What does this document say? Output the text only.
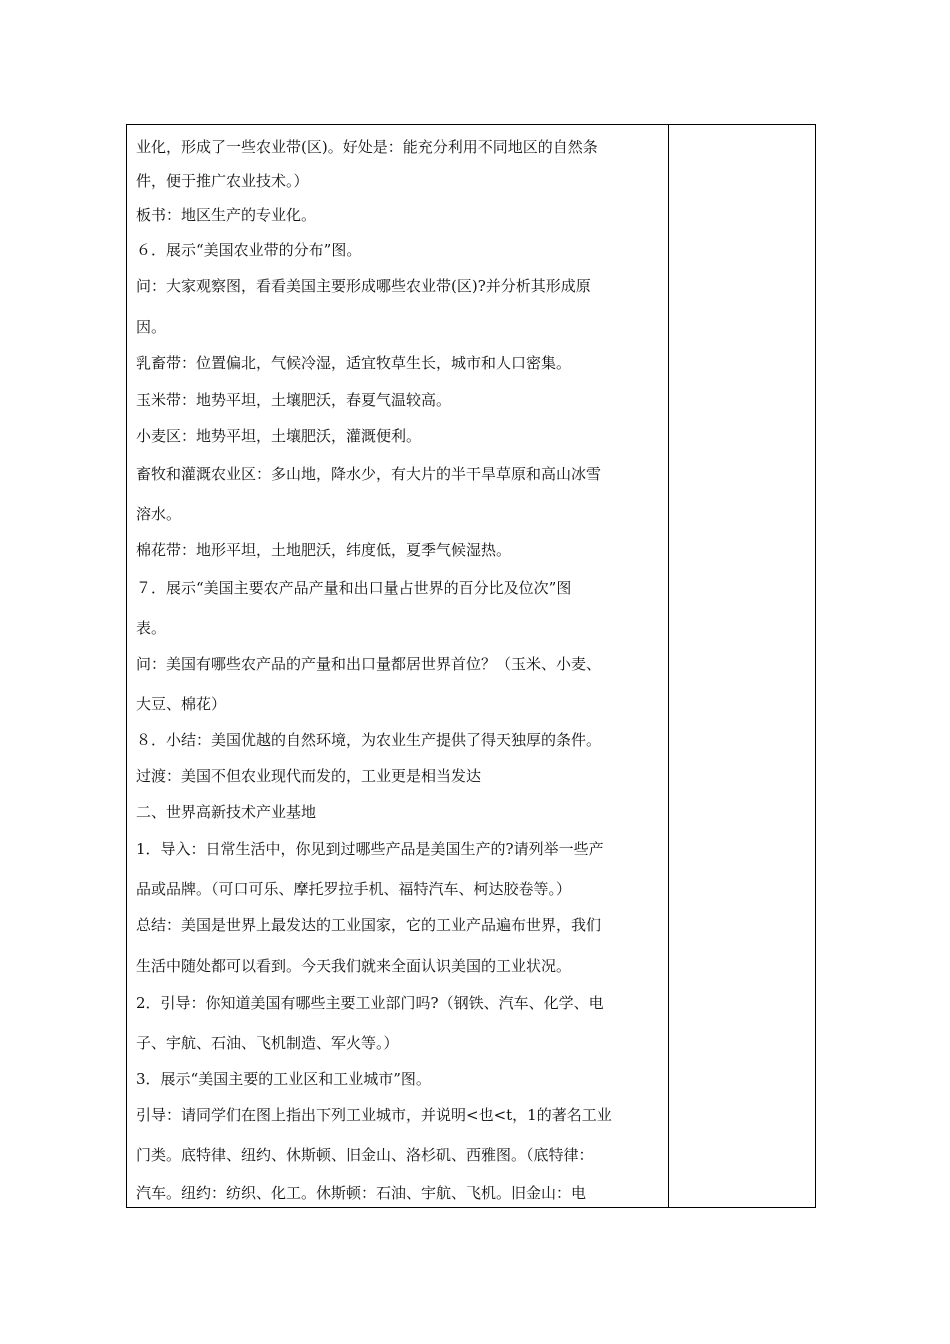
业化，形成了一些农业带(区)。好处是：能充分利用不同地区的自然条
件，便于推广农业技术。）
板书：地区生产的专业化。
６．展示“美国农业带的分布”图。
问：大家观察图，看看美国主要形成哪些农业带(区)?并分析其形成原
因。
乳畜带：位置偏北，气候冷湿，适宜牧草生长，城市和人口密集。
玉米带：地势平坦，土壤肥沃，春夏气温较高。
小麦区：地势平坦，土壤肥沃，灌溉便利。
畜牧和灌溉农业区：多山地，降水少，有大片的半干旱草原和高山冰雪
溶水。
棉花带：地形平坦，土地肥沃，纬度低，夏季气候湿热。
７．展示“美国主要农产品产量和出口量占世界的百分比及位次”图
表。
问：美国有哪些农产品的产量和出口量都居世界首位？（玉米、小麦、
大豆、棉花）
８．小结：美国优越的自然环境，为农业生产提供了得天独厚的条件。
过渡：美国不但农业现代而发的，工业更是相当发达
二、世界高新技术产业基地
1．导入：日常生活中，你见到过哪些产品是美国生产的?请列举一些产
品或品牌。（可口可乐、摩托罗拉手机、福特汽车、柯达胶卷等。）
总结：美国是世界上最发达的工业国家，它的工业产品遍布世界，我们
生活中随处都可以看到。今天我们就来全面认识美国的工业状况。
2．引导：你知道美国有哪些主要工业部门吗?（钢铁、汽车、化学、电
子、宇航、石油、飞机制造、军火等。）
3．展示“美国主要的工业区和工业城市”图。
引导：请同学们在图上指出下列工业城市，并说明<也<t，1的著名工业
门类。底特律、纽约、休斯顿、旧金山、洛杉矶、西雅图。（底特律：
汽车。纽约：纺织、化工。休斯顿：石油、宇航、飞机。旧金山：电
